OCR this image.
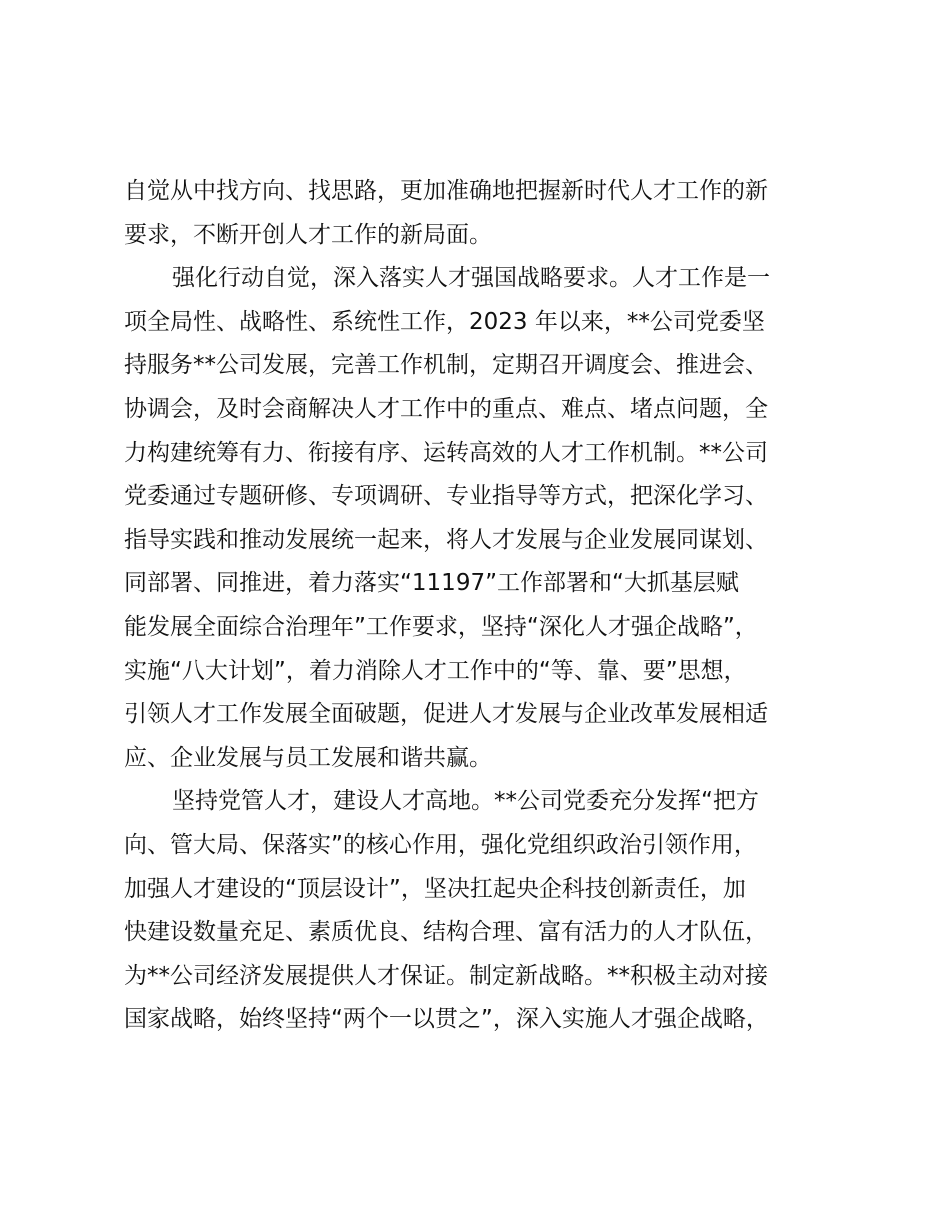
自觉从中找方向、找思路，更加准确地把握新时代人才工作的新
要求，不断开创人才工作的新局面。
强化行动自觉，深入落实人才强国战略要求。人才工作是一
项全局性、战略性、系统性工作，2023 年以来，**公司党委坚
持服务**公司发展，完善工作机制，定期召开调度会、推进会、
协调会，及时会商解决人才工作中的重点、难点、堵点问题，全
力构建统筹有力、衔接有序、运转高效的人才工作机制。**公司
党委通过专题研修、专项调研、专业指导等方式，把深化学习、
指导实践和推动发展统一起来，将人才发展与企业发展同谋划、
同部署、同推进，着力落实“11197”工作部署和“大抓基层赋
能发展全面综合治理年”工作要求，坚持“深化人才强企战略”，
实施“八大计划”，着力消除人才工作中的“等、靠、要”思想，
引领人才工作发展全面破题，促进人才发展与企业改革发展相适
应、企业发展与员工发展和谐共赢。
坚持党管人才，建设人才高地。**公司党委充分发挥“把方
向、管大局、保落实”的核心作用，强化党组织政治引领作用，
加强人才建设的“顶层设计”，坚决扛起央企科技创新责任，加
快建设数量充足、素质优良、结构合理、富有活力的人才队伍，
为**公司经济发展提供人才保证。制定新战略。**积极主动对接
国家战略，始终坚持“两个一以贯之”，深入实施人才强企战略，
